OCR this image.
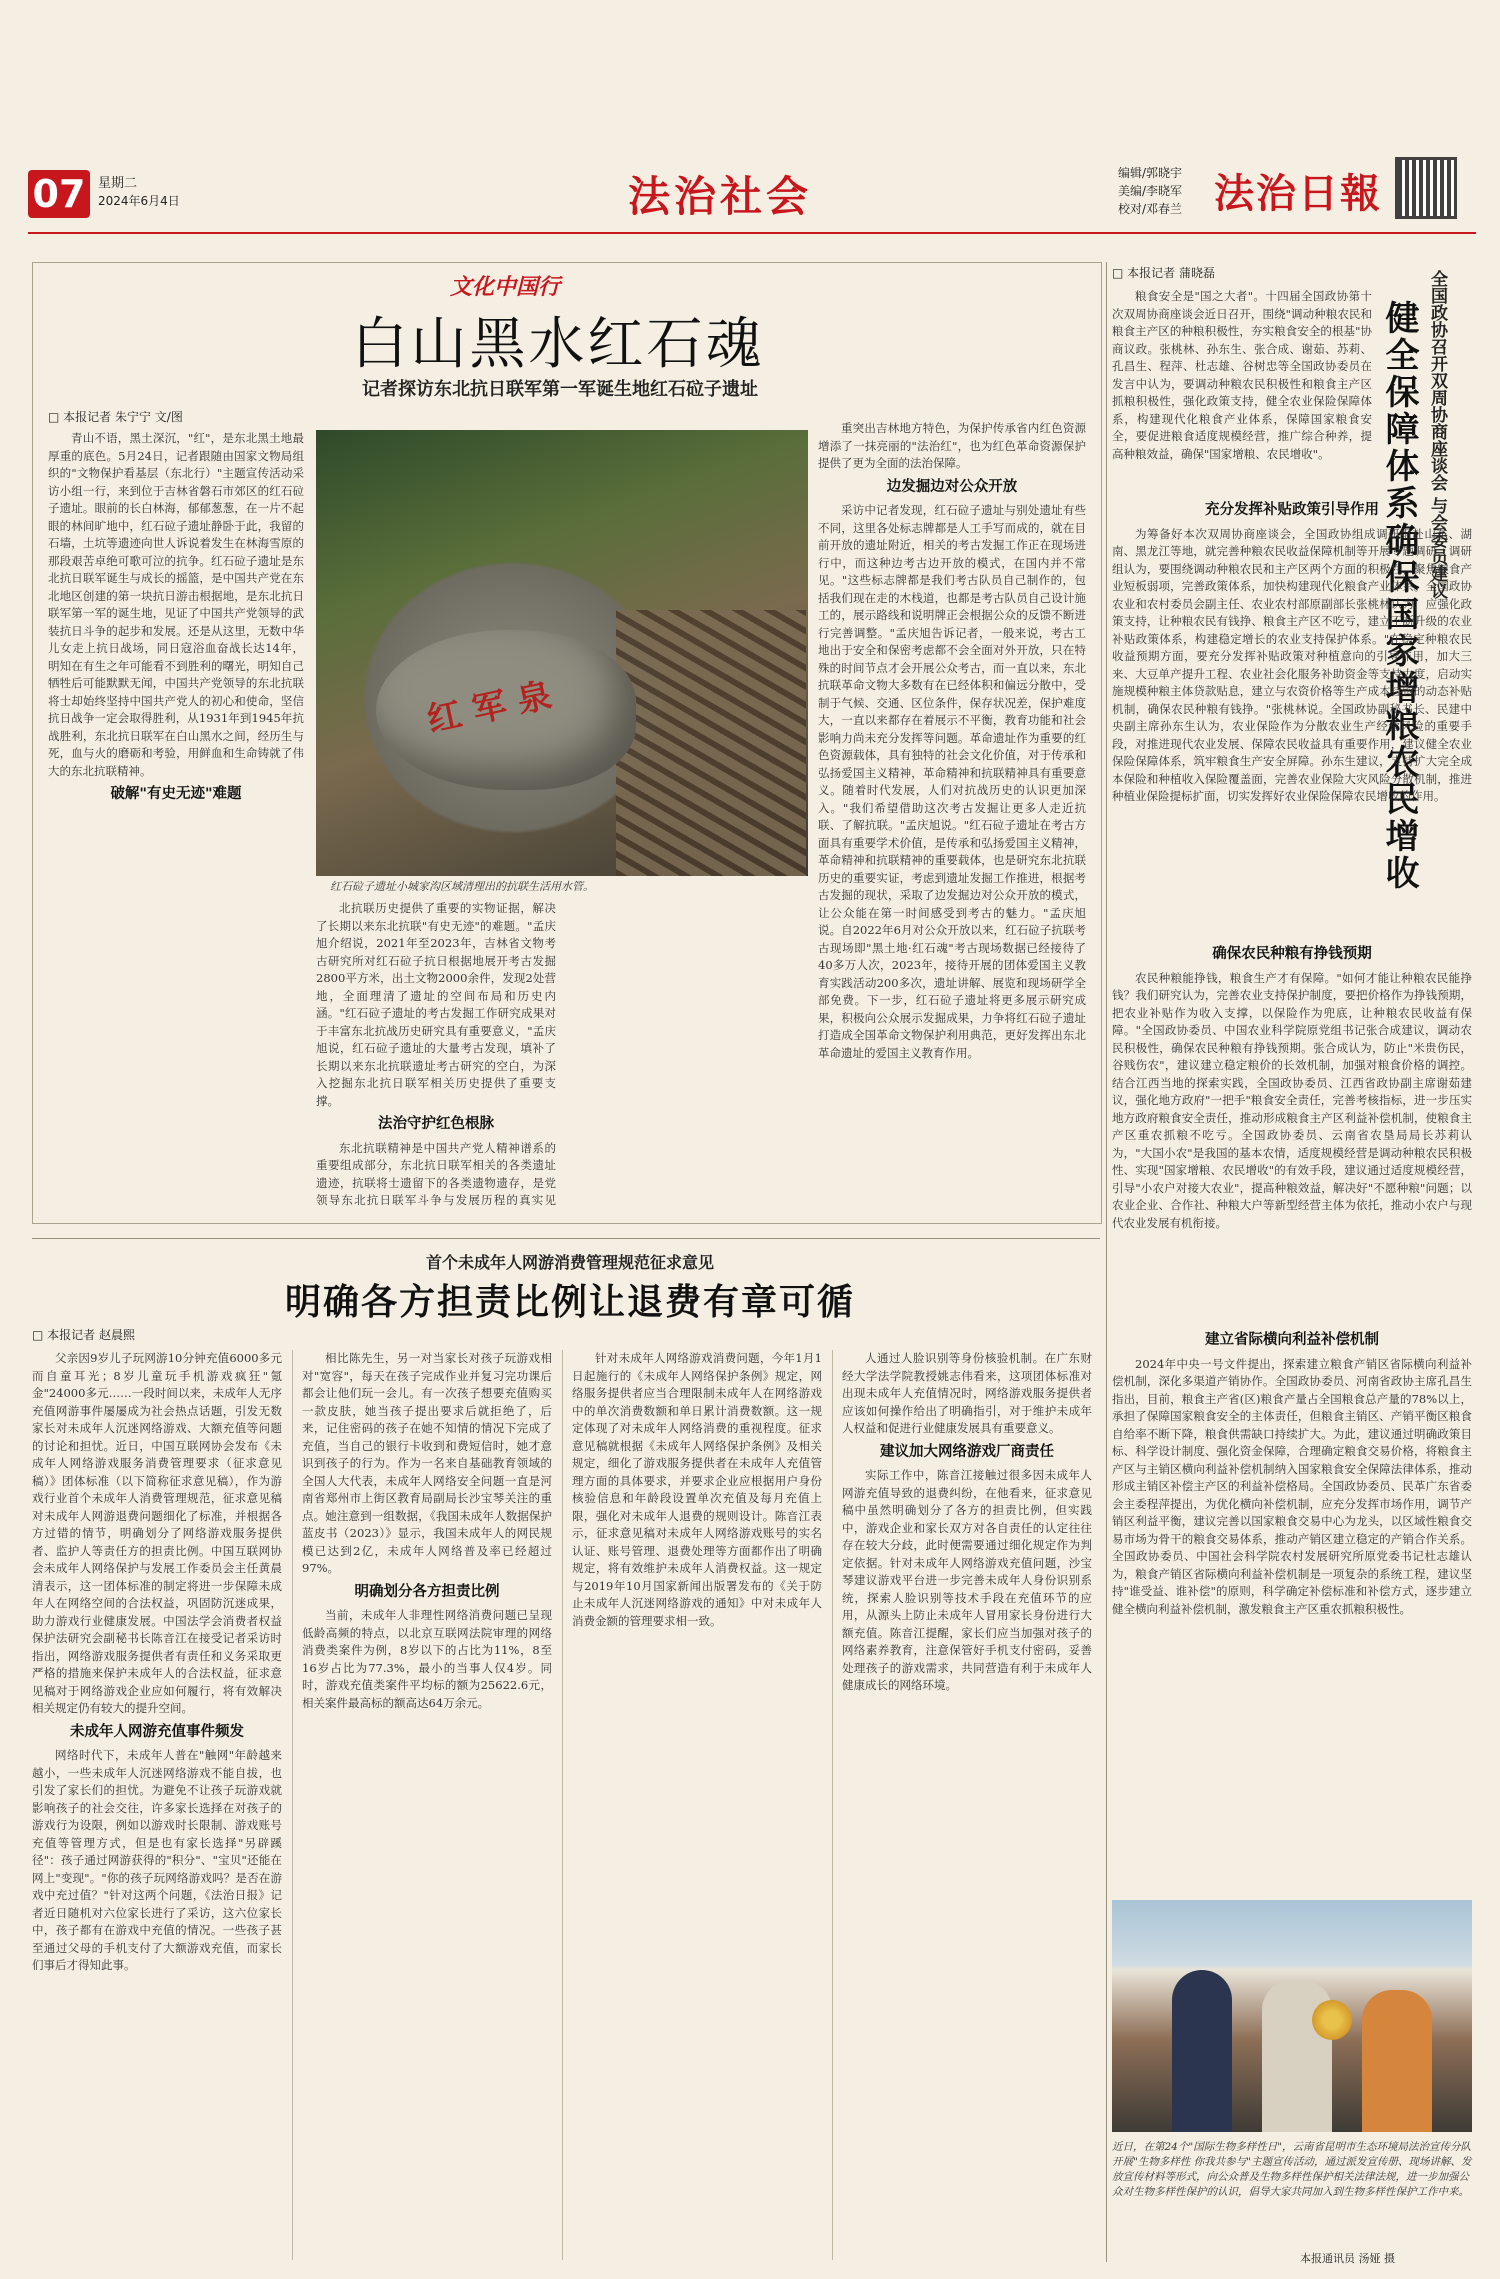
07 星期二
2024年6月4日	法治社会	编辑/郭晓宇
美编/李晓军
校对/邓春兰 法治日報
文化中国行
白山黑水红石魂
记者探访东北抗日联军第一军诞生地红石砬子遗址
□ 本报记者 朱宁宁 文/图

青山不语，黑土深沉，"红"，是东北黑土地最厚重的底色。5月24日，记者跟随由国家文物局组织的"文物保护看基层（东北行）"主题宣传活动采访小组一行，来到位于吉林省磐石市郊区的红石砬子遗址。眼前的长白林海，郁郁葱葱，在一片不起眼的林间旷地中，红石砬子遗址静卧于此，我留的石墙，土坑等遗迹向世人诉说着发生在林海雪原的那段艰苦卓绝可歌可泣的抗争。红石砬子遗址是东北抗日联军诞生与成长的摇篮，是中国共产党在东北地区创建的第一块抗日游击根据地，是东北抗日联军第一军的诞生地，见证了中国共产党领导的武装抗日斗争的起步和发展。还是从这里，无数中华儿女走上抗日战场，同日寇浴血奋战长达14年，明知在有生之年可能看不到胜利的曙光，明知自己牺牲后可能默默无闻，中国共产党领导的东北抗联将士却始终坚持中国共产党人的初心和使命，坚信抗日战争一定会取得胜利，从1931年到1945年抗战胜利，东北抗日联军在白山黑水之间，经历生与死，血与火的磨砺和考验，用鲜血和生命铸就了伟大的东北抗联精神。

破解"有史无迹"难题

红 军 泉
红石砬子遗址小城家沟区域清理出的抗联生活用水管。

北抗联历史提供了重要的实物证据，解决了长期以来东北抗联"有史无迹"的难题。"孟庆旭介绍说，2021年至2023年，吉林省文物考古研究所对红石砬子抗日根据地展开考古发掘2800平方米，出土文物2000余件，发现2处营地，全面理清了遗址的空间布局和历史内涵。"红石砬子遗址的考古发掘工作研究成果对于丰富东北抗战历史研究具有重要意义，"孟庆旭说，红石砬子遗址的大量考古发现，填补了长期以来东北抗联遗址考古研究的空白，为深入挖掘东北抗日联军相关历史提供了重要支撑。

法治守护红色根脉

东北抗联精神是中国共产党人精神谱系的重要组成部分，东北抗日联军相关的各类遗址遗迹，抗联将士遗留下的各类遗物遗存，是党领导东北抗日联军斗争与发展历程的真实见

重突出吉林地方特色，为保护传承省内红色资源增添了一抹亮丽的"法治红"，也为红色革命资源保护提供了更为全面的法治保障。

边发掘边对公众开放

采访中记者发现，红石砬子遗址与别处遗址有些不同，这里各处标志牌都是人工手写而成的，就在目前开放的遗址附近，相关的考古发掘工作正在现场进行中，而这种边考古边开放的模式，在国内并不常见。"这些标志牌都是我们考古队员自己制作的，包括我们现在走的木栈道，也都是考古队员自己设计施工的，展示路线和说明牌正会根据公众的反馈不断进行完善调整。"孟庆旭告诉记者，一般来说，考古工地出于安全和保密考虑都不会全面对外开放，只在特殊的时间节点才会开展公众考古，而一直以来，东北抗联革命文物大多数有在已经体积和偏远分散中，受制于气候、交通、区位条件，保存状况差，保护难度大，一直以来都存在着展示不平衡，教育功能和社会影响力尚未充分发挥等问题。革命遗址作为重要的红色资源载体，具有独特的社会文化价值，对于传承和弘扬爱国主义精神，革命精神和抗联精神具有重要意义。随着时代发展，人们对抗战历史的认识更加深入。"我们希望借助这次考古发掘让更多人走近抗联、了解抗联。"孟庆旭说。"红石砬子遗址在考古方面具有重要学术价值，是传承和弘扬爱国主义精神，革命精神和抗联精神的重要载体，也是研究东北抗联历史的重要实证，考虑到遗址发掘工作推进，根据考古发掘的现状，采取了边发掘边对公众开放的模式，让公众能在第一时间感受到考古的魅力。"孟庆旭说。自2022年6月对公众开放以来，红石砬子抗联考古现场即"黑土地·红石魂"考古现场数据已经接待了40多万人次，2023年，接待开展的团体爱国主义教育实践活动200多次，遗址讲解、展览和现场研学全部免费。下一步，红石砬子遗址将更多展示研究成果，积极向公众展示发掘成果，力争将红石砬子遗址打造成全国革命文物保护利用典范，更好发挥出东北革命遗址的爱国主义教育作用。

首个未成年人网游消费管理规范征求意见
明确各方担责比例让退费有章可循
□ 本报记者 赵晨熙

父亲因9岁儿子玩网游10分钟充值6000多元而自童耳光；8岁儿童玩手机游戏疯狂"氪金"24000多元……一段时间以来，未成年人无序充值网游事件屡屡成为社会热点话题，引发无数家长对未成年人沉迷网络游戏、大额充值等问题的讨论和担忧。近日，中国互联网协会发布《未成年人网络游戏服务消费管理要求（征求意见稿）》团体标准（以下简称征求意见稿），作为游戏行业首个未成年人消费管理规范，征求意见稿对未成年人网游退费问题细化了标准，并根据各方过错的情节，明确划分了网络游戏服务提供者、监护人等责任方的担责比例。中国互联网协会未成年人网络保护与发展工作委员会主任黄晨清表示，这一团体标准的制定将进一步保障未成年人在网络空间的合法权益，巩固防沉迷成果，助力游戏行业健康发展。中国法学会消费者权益保护法研究会副秘书长陈音江在接受记者采访时指出，网络游戏服务提供者有责任和义务采取更严格的措施来保护未成年人的合法权益，征求意见稿对于网络游戏企业应如何履行，将有效解决相关规定仍有较大的提升空间。

未成年人网游充值事件频发

网络时代下，未成年人普在"触网"年龄越来越小，一些未成年人沉迷网络游戏不能自拔，也引发了家长们的担忧。为避免不让孩子玩游戏就影响孩子的社会交往，许多家长选择在对孩子的游戏行为设限，例如以游戏时长限制、游戏账号充值等管理方式，但是也有家长选择"另辟蹊径"：孩子通过网游获得的"积分"、"宝贝"还能在网上"变现"。"你的孩子玩网络游戏吗？是否在游戏中充过值？"针对这两个问题，《法治日报》记者近日随机对六位家长进行了采访，这六位家长中，孩子都有在游戏中充值的情况。一些孩子甚至通过父母的手机支付了大额游戏充值，而家长们事后才得知此事。

相比陈先生，另一对当家长对孩子玩游戏相对"宽容"，每天在孩子完成作业并复习完功课后都会让他们玩一会儿。有一次孩子想要充值购买一款皮肤，她当孩子提出要求后就拒绝了，后来，记住密码的孩子在她不知情的情况下完成了充值，当自己的银行卡收到和费短信时，她才意识到孩子的行为。作为一名来自基础教育领域的全国人大代表，未成年人网络安全问题一直是河南省郑州市上街区教育局副局长沙宝琴关注的重点。她注意到一组数据，《我国未成年人数据保护蓝皮书（2023）》显示，我国未成年人的网民规模已达到2亿，未成年人网络普及率已经超过97%。

明确划分各方担责比例

当前，未成年人非理性网络消费问题已呈现低龄高频的特点，以北京互联网法院审理的网络消费类案件为例，8岁以下的占比为11%，8至16岁占比为77.3%，最小的当事人仅4岁。同时，游戏充值类案件平均标的额为25622.6元，相关案件最高标的额高达64万余元。

针对未成年人网络游戏消费问题，今年1月1日起施行的《未成年人网络保护条例》规定，网络服务提供者应当合理限制未成年人在网络游戏中的单次消费数额和单日累计消费数额。这一规定体现了对未成年人网络消费的重视程度。征求意见稿就根据《未成年人网络保护条例》及相关规定，细化了游戏服务提供者在未成年人充值管理方面的具体要求，并要求企业应根据用户身份核验信息和年龄段设置单次充值及每月充值上限，强化对未成年人退费的规则设计。陈音江表示，征求意见稿对未成年人网络游戏账号的实名认证、账号管理、退费处理等方面都作出了明确规定，将有效维护未成年人消费权益。这一规定与2019年10月国家新闻出版署发布的《关于防止未成年人沉迷网络游戏的通知》中对未成年人消费金额的管理要求相一致。

人通过人脸识别等身份核验机制。在广东财经大学法学院教授姚志伟看来，这项团体标准对出现未成年人充值情况时，网络游戏服务提供者应该如何操作给出了明确指引，对于维护未成年人权益和促进行业健康发展具有重要意义。

建议加大网络游戏厂商责任

实际工作中，陈音江接触过很多因未成年人网游充值导致的退费纠纷，在他看来，征求意见稿中虽然明确划分了各方的担责比例，但实践中，游戏企业和家长双方对各自责任的认定往往存在较大分歧，此时便需要通过细化规定作为判定依据。针对未成年人网络游戏充值问题，沙宝琴建议游戏平台进一步完善未成年人身份识别系统，探索人脸识别等技术手段在充值环节的应用，从源头上防止未成年人冒用家长身份进行大额充值。陈音江提醒，家长们应当加强对孩子的网络素养教育，注意保管好手机支付密码，妥善处理孩子的游戏需求，共同营造有利于未成年人健康成长的网络环境。

□ 本报记者 蒲晓磊	全国政协召开双周协商座谈会 与会委员建议
健全保障体系确保国家增粮农民增收

粮食安全是"国之大者"。十四届全国政协第十次双周协商座谈会近日召开，围绕"调动种粮农民和粮食主产区的种粮积极性，夯实粮食安全的根基"协商议政。张桃林、孙东生、张合成、谢茹、苏莉、孔昌生、程萍、杜志雄、谷树忠等全国政协委员在发言中认为，要调动种粮农民积极性和粮食主产区抓粮积极性，强化政策支持，健全农业保险保障体系，构建现代化粮食产业体系，保障国家粮食安全，要促进粮食适度规模经营，推广综合种养，提高种粮效益，确保"国家增粮、农民增收"。

充分发挥补贴政策引导作用

为筹备好本次双周协商座谈会，全国政协组成调研组赴山东、湖南、黑龙江等地，就完善种粮农民收益保障机制等开展专题调研，调研组认为，要围绕调动种粮农民和主产区两个方面的积极性，聚焦粮食产业短板弱项，完善政策体系，加快构建现代化粮食产业体系。全国政协农业和农村委员会副主任、农业农村部原副部长张桃林认为，应强化政策支持，让种粮农民有钱挣、粮食主产区不吃亏，建立不断升级的农业补贴政策体系，构建稳定增长的农业支持保护体系。"在稳定种粮农民收益预期方面，要充分发挥补贴政策对种植意向的引导作用，加大三来、大豆单产提升工程、农业社会化服务补助资金等支持力度，启动实施规模种粮主体贷款贴息，建立与农资价格等生产成本挂钩的动态补贴机制，确保农民种粮有钱挣。"张桃林说。全国政协副秘书长、民建中央副主席孙东生认为，农业保险作为分散农业生产经营风险的重要手段，对推进现代农业发展、保障农民收益具有重要作用，建议健全农业保险保障体系，筑牢粮食生产安全屏障。孙东生建议，支持扩大完全成本保险和种植收入保险覆盖面，完善农业保险大灾风险分散机制，推进种植业保险提标扩面，切实发挥好农业保险保障农民增收的作用。

确保农民种粮有挣钱预期

农民种粮能挣钱，粮食生产才有保障。"如何才能让种粮农民能挣钱？我们研究认为，完善农业支持保护制度，要把价格作为挣钱预期，把农业补贴作为收入支撑，以保险作为兜底，让种粮农民收益有保障。"全国政协委员、中国农业科学院原党组书记张合成建议，调动农民积极性，确保农民种粮有挣钱预期。张合成认为，防止"米贵伤民，谷贱伤农"，建议建立稳定粮价的长效机制，加强对粮食价格的调控。结合江西当地的探索实践，全国政协委员、江西省政协副主席谢茹建议，强化地方政府"一把手"粮食安全责任，完善考核指标，进一步压实地方政府粮食安全责任，推动形成粮食主产区利益补偿机制，使粮食主产区重农抓粮不吃亏。全国政协委员、云南省农垦局局长苏莉认为，"大国小农"是我国的基本农情，适度规模经营是调动种粮农民积极性、实现"国家增粮、农民增收"的有效手段，建议通过适度规模经营，引导"小农户对接大农业"，提高种粮效益，解决好"不愿种粮"问题；以农业企业、合作社、种粮大户等新型经营主体为依托，推动小农户与现代农业发展有机衔接。

建立省际横向利益补偿机制

2024年中央一号文件提出，探索建立粮食产销区省际横向利益补偿机制，深化多渠道产销协作。全国政协委员、河南省政协主席孔昌生指出，目前，粮食主产省(区)粮食产量占全国粮食总产量的78%以上，承担了保障国家粮食安全的主体责任，但粮食主销区、产销平衡区粮食自给率不断下降，粮食供需缺口持续扩大。为此，建议通过明确政策目标、科学设计制度、强化资金保障，合理确定粮食交易价格，将粮食主产区与主销区横向利益补偿机制纳入国家粮食安全保障法律体系，推动形成主销区补偿主产区的利益补偿格局。全国政协委员、民革广东省委会主委程萍提出，为优化横向补偿机制，应充分发挥市场作用，调节产销区利益平衡，建议完善以国家粮食交易中心为龙头，以区域性粮食交易市场为骨干的粮食交易体系，推动产销区建立稳定的产销合作关系。全国政协委员、中国社会科学院农村发展研究所原党委书记杜志雄认为，粮食产销区省际横向利益补偿机制是一项复杂的系统工程，建议坚持"谁受益、谁补偿"的原则，科学确定补偿标准和补偿方式，逐步建立健全横向利益补偿机制，激发粮食主产区重农抓粮积极性。

近日，在第24个"国际生物多样性日"，云南省昆明市生态环境局法治宣传分队开展"生物多样性 你我共参与"主题宣传活动，通过派发宣传册、现场讲解、发放宣传材料等形式，向公众普及生物多样性保护相关法律法规，进一步加强公众对生物多样性保护的认识，倡导大家共同加入到生物多样性保护工作中来。
本报通讯员 汤娅 摄
